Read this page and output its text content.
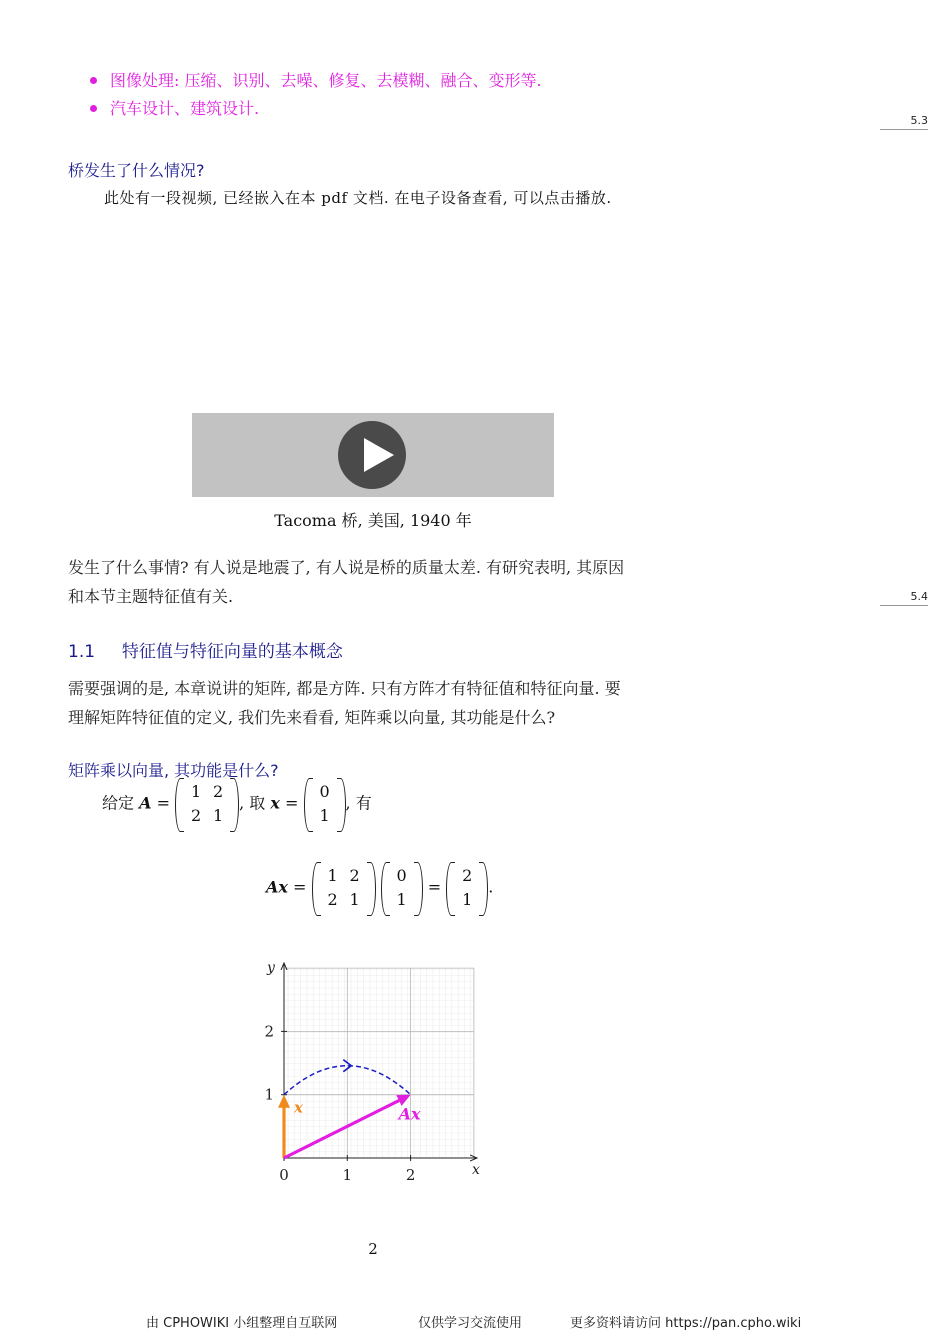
图像处理: 压缩、识别、去噪、修复、去模糊、融合、变形等.
汽车设计、建筑设计.
5.3
5.4
桥发生了什么情况?
此处有一段视频, 已经嵌入在本 pdf 文档. 在电子设备查看, 可以点击播放.
Tacoma 桥, 美国, 1940 年
发生了什么事情? 有人说是地震了, 有人说是桥的质量太差. 有研究表明, 其原因
和本节主题特征值有关.
1.1 特征值与特征向量的基本概念
需要强调的是, 本章说讲的矩阵, 都是方阵. 只有方阵才有特征值和特征向量. 要
理解矩阵特征值的定义, 我们先来看看, 矩阵乘以向量, 其功能是什么?
矩阵乘以向量, 其功能是什么?
给定 A =
1 2
2 1
, 取 x =
0
1
, 有
Ax =
1 2
2 1

0
1
=
2
1
.
x
y
0	1	2
1
2
x	Ax
2
由 CPHOWIKI 小组整理自互联网	仅供学习交流使用	更多资料请访问 https://pan.cpho.wiki
